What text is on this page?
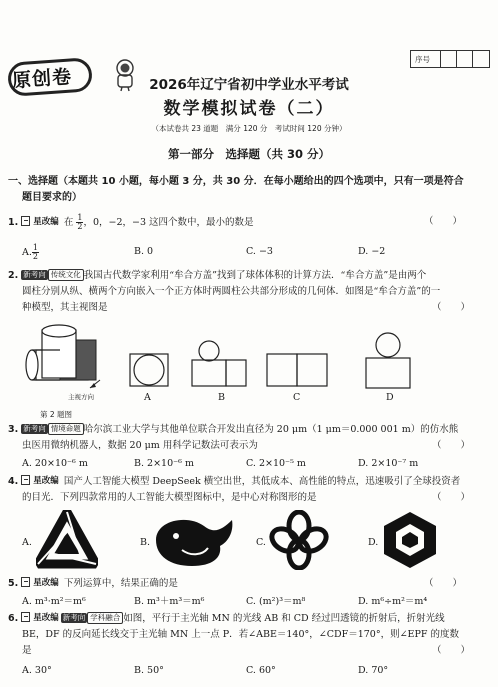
原创卷
序号
2026年辽宁省初中学业水平考试
数学模拟试卷（二）
（本试卷共 23 道题　满分 120 分　考试时间 120 分钟）
第一部分　选择题（共 30 分）
一、选择题（本题共 10 小题，每小题 3 分，共 30 分．在每小题给出的四个选项中，只有一项是符合
题目要求的）
1. 星改编 在 $\frac{1}{2}$ ，0，−2，−3 这四个数中，最小的数是	（　　）
A. $\frac{1}{2}$	B. 0	C. −3	D. −2
2. 新考向 传统文化 我国古代数学家利用“牟合方盖”找到了球体体积的计算方法．“牟合方盖”是由两个
圆柱分别从纵、横两个方向嵌入一个正方体时两圆柱公共部分形成的几何体．如图是“牟合方盖”的一
种模型，其主视图是	（　　）
主视方向
第 2 题图
A	B	C	D
3. 新考向 情境命题 哈尔滨工业大学与其他单位联合开发出直径为 20 μm（1 μm＝0.000 001 m）的仿水熊
虫医用微纳机器人，数据 20 μm 用科学记数法可表示为	（　　）
A. 20×10⁻⁶ m	B. 2×10⁻⁶ m	C. 2×10⁻⁵ m	D. 2×10⁻⁷ m
4. 星改编 国产人工智能大模型 DeepSeek 横空出世，其低成本、高性能的特点，迅速吸引了全球投资者
的目光．下列四款常用的人工智能大模型图标中，是中心对称图形的是	（　　）
A.	B.	C.	D.
5. 星改编 下列运算中，结果正确的是	（　　）
A. m³·m²＝m⁶	B. m³＋m³＝m⁶	C. (m²)³＝m⁸	D. m⁶÷m²＝m⁴
6. 星改编 新考向 学科融合 如图，平行于主光轴 MN 的光线 AB 和 CD 经过凹透镜的折射后，折射光线
BE，DF 的反向延长线交于主光轴 MN 上一点 P．若∠ABE＝140°，∠CDF＝170°，则∠EPF 的度数
是	（　　）
A. 30°	B. 50°	C. 60°	D. 70°
